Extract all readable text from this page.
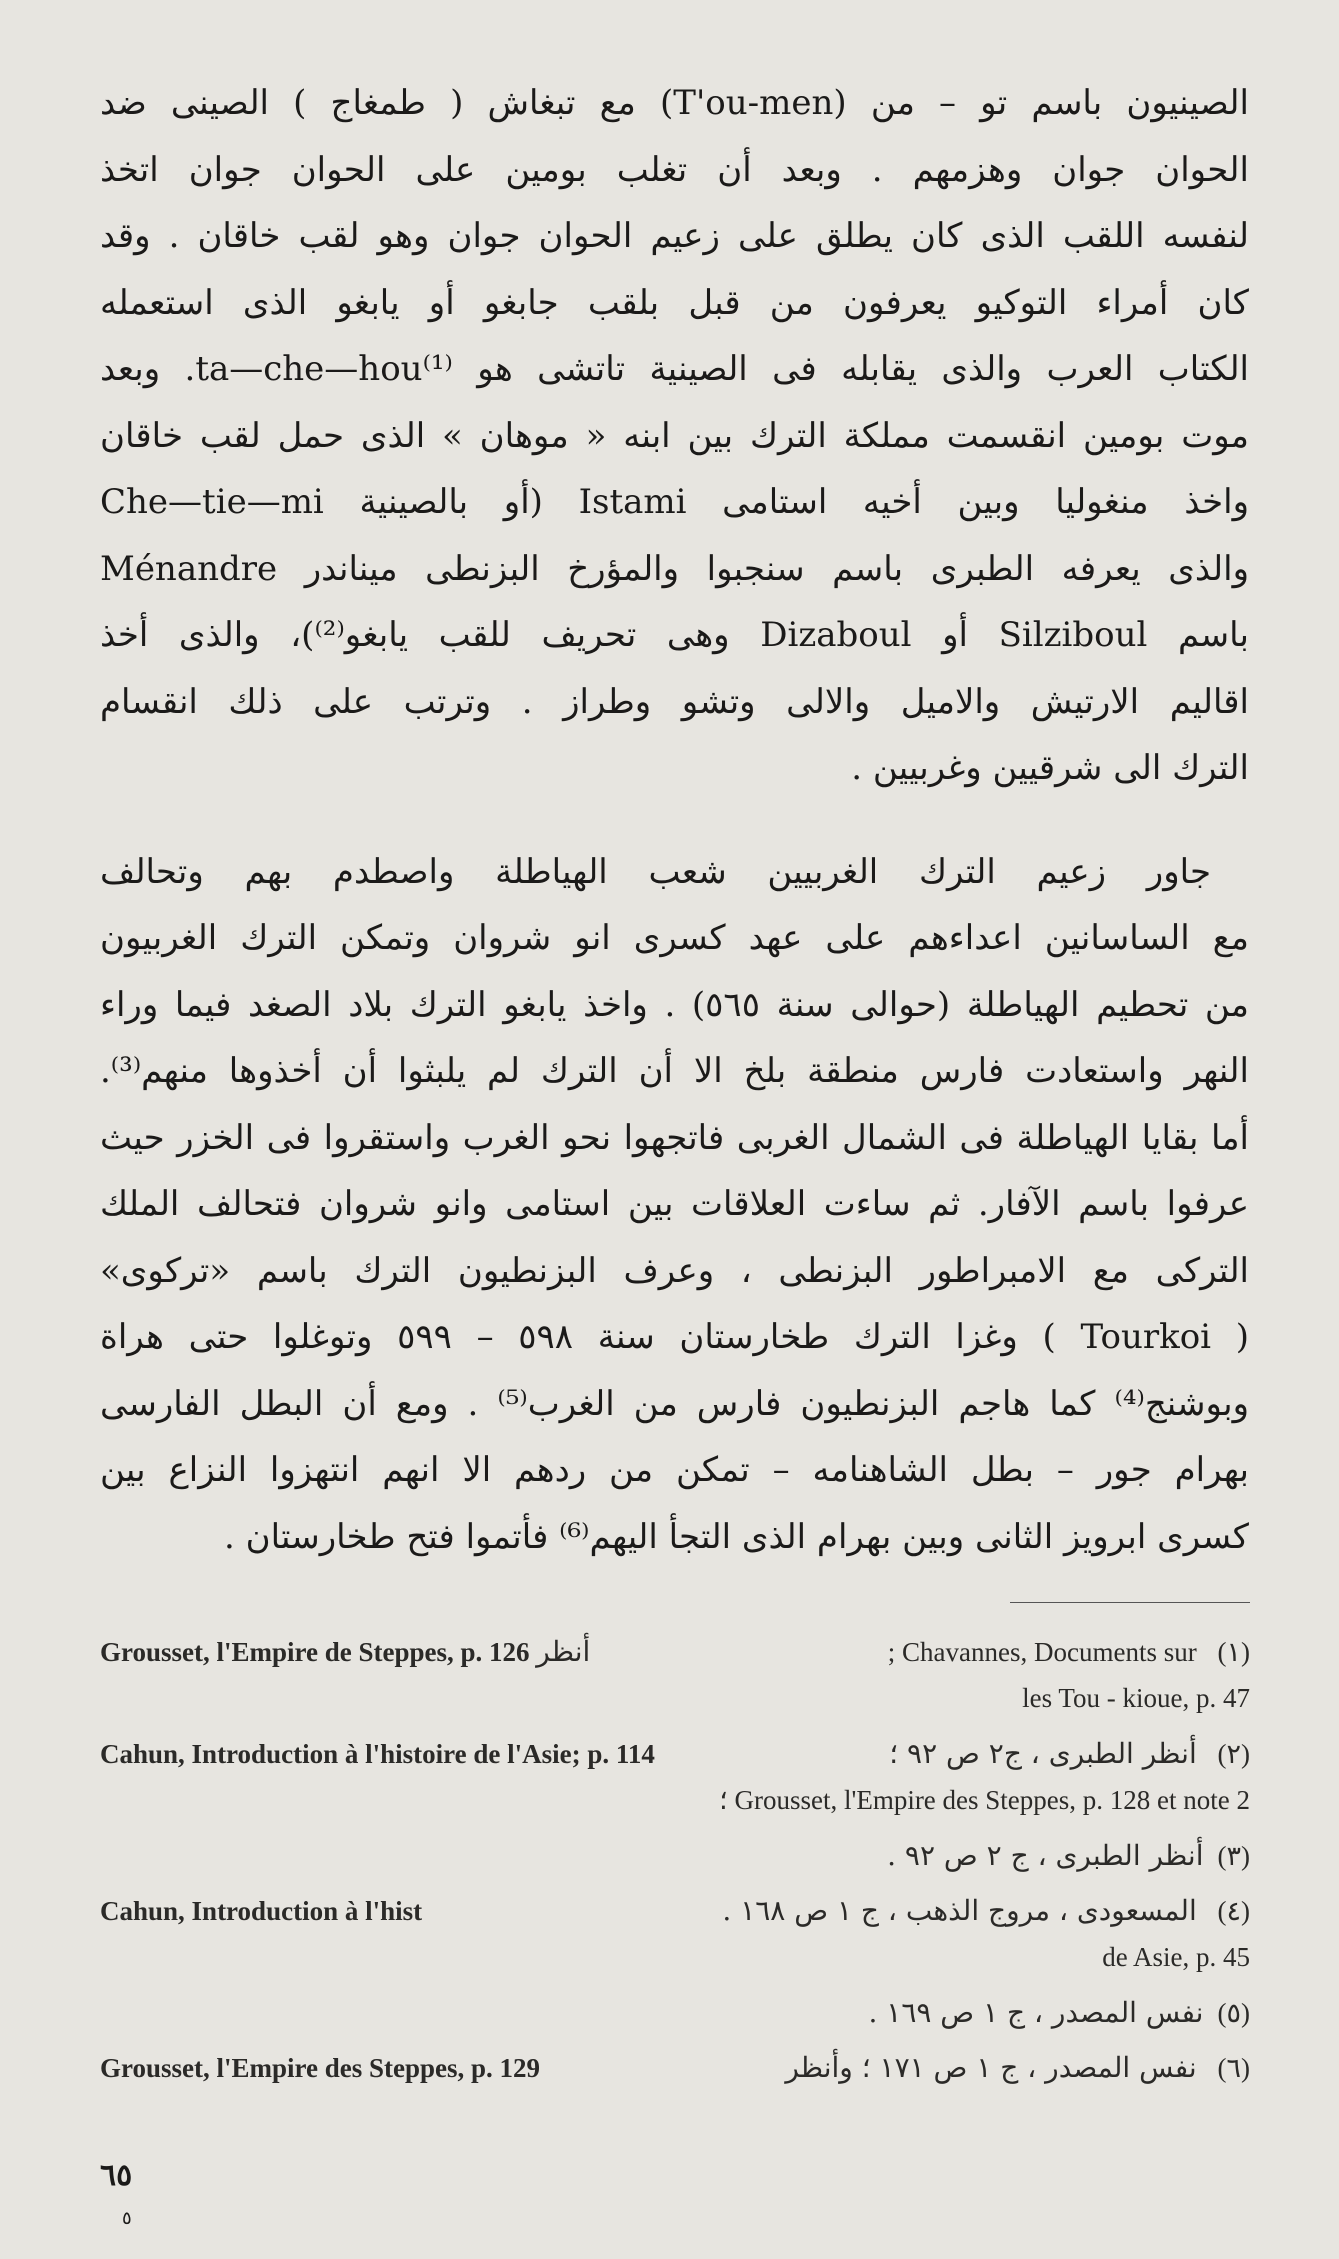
الصينيون باسم تو – من (T'ou-men) مع تبغاش ( طمغاج ) الصينى ضد
الحوان جوان وهزمهم . وبعد أن تغلب بومين على الحوان جوان اتخذ
لنفسه اللقب الذى كان يطلق على زعيم الحوان جوان وهو لقب خاقان . وقد
كان أمراء التوكيو يعرفون من قبل بلقب جابغو أو يابغو الذى استعمله
الكتاب العرب والذى يقابله فى الصينية تاتشى هو ta—che—hou⁽¹⁾. وبعد
موت بومين انقسمت مملكة الترك بين ابنه « موهان » الذى حمل لقب خاقان
واخذ منغوليا وبين أخيه استامى Istami (أو بالصينية Che—tie—mi
والذى يعرفه الطبرى باسم سنجبوا والمؤرخ البزنطى ميناندر Ménandre
باسم Silziboul أو Dizaboul وهى تحريف للقب يابغو⁽²⁾)، والذى أخذ
اقاليم الارتيش والاميل والالى وتشو وطراز . وترتب على ذلك انقسام
الترك الى شرقيين وغربيين .
جاور زعيم الترك الغربيين شعب الهياطلة واصطدم بهم وتحالف
مع الساسانين اعداءهم على عهد كسرى انو شروان وتمكن الترك الغربيون
من تحطيم الهياطلة (حوالى سنة ٥٦٥) . واخذ يابغو الترك بلاد الصغد فيما وراء
النهر واستعادت فارس منطقة بلخ الا أن الترك لم يلبثوا أن أخذوها منهم⁽³⁾.
أما بقايا الهياطلة فى الشمال الغربى فاتجهوا نحو الغرب واستقروا فى الخزر حيث
عرفوا باسم الآفار. ثم ساءت العلاقات بين استامى وانو شروان فتحالف الملك
التركى مع الامبراطور البزنطى ، وعرف البزنطيون الترك باسم «تركوى»
( Tourkoi ) وغزا الترك طخارستان سنة ٥٩٨ – ٥٩٩ وتوغلوا حتى هراة
وبوشنج⁽⁴⁾ كما هاجم البزنطيون فارس من الغرب⁽⁵⁾ . ومع أن البطل الفارسى
بهرام جور – بطل الشاهنامه – تمكن من ردهم الا انهم انتهزوا النزاع بين
كسرى ابرويز الثانى وبين بهرام الذى التجأ اليهم⁽⁶⁾ فأتموا فتح طخارستان .
(١) ; Chavannes, Documents sur
أنظر Grousset, l'Empire de Steppes, p. 126
les Tou - kioue, p. 47
(٢) أنظر الطبرى ، ج٢ ص ٩٢ ؛
Cahun, Introduction à l'histoire de l'Asie; p. 114
؛ Grousset, l'Empire des Steppes, p. 128 et note 2
(٣)
أنظر الطبرى ، ج ٢ ص ٩٢ .
(٤) المسعودى ، مروج الذهب ، ج ١ ص ١٦٨ .
Cahun, Introduction à l'hist
de Asie, p. 45
(٥)
نفس المصدر ، ج ١ ص ١٦٩ .
(٦) نفس المصدر ، ج ١ ص ١٧١ ؛ وأنظر
Grousset, l'Empire des Steppes, p. 129
٦٥
٥
